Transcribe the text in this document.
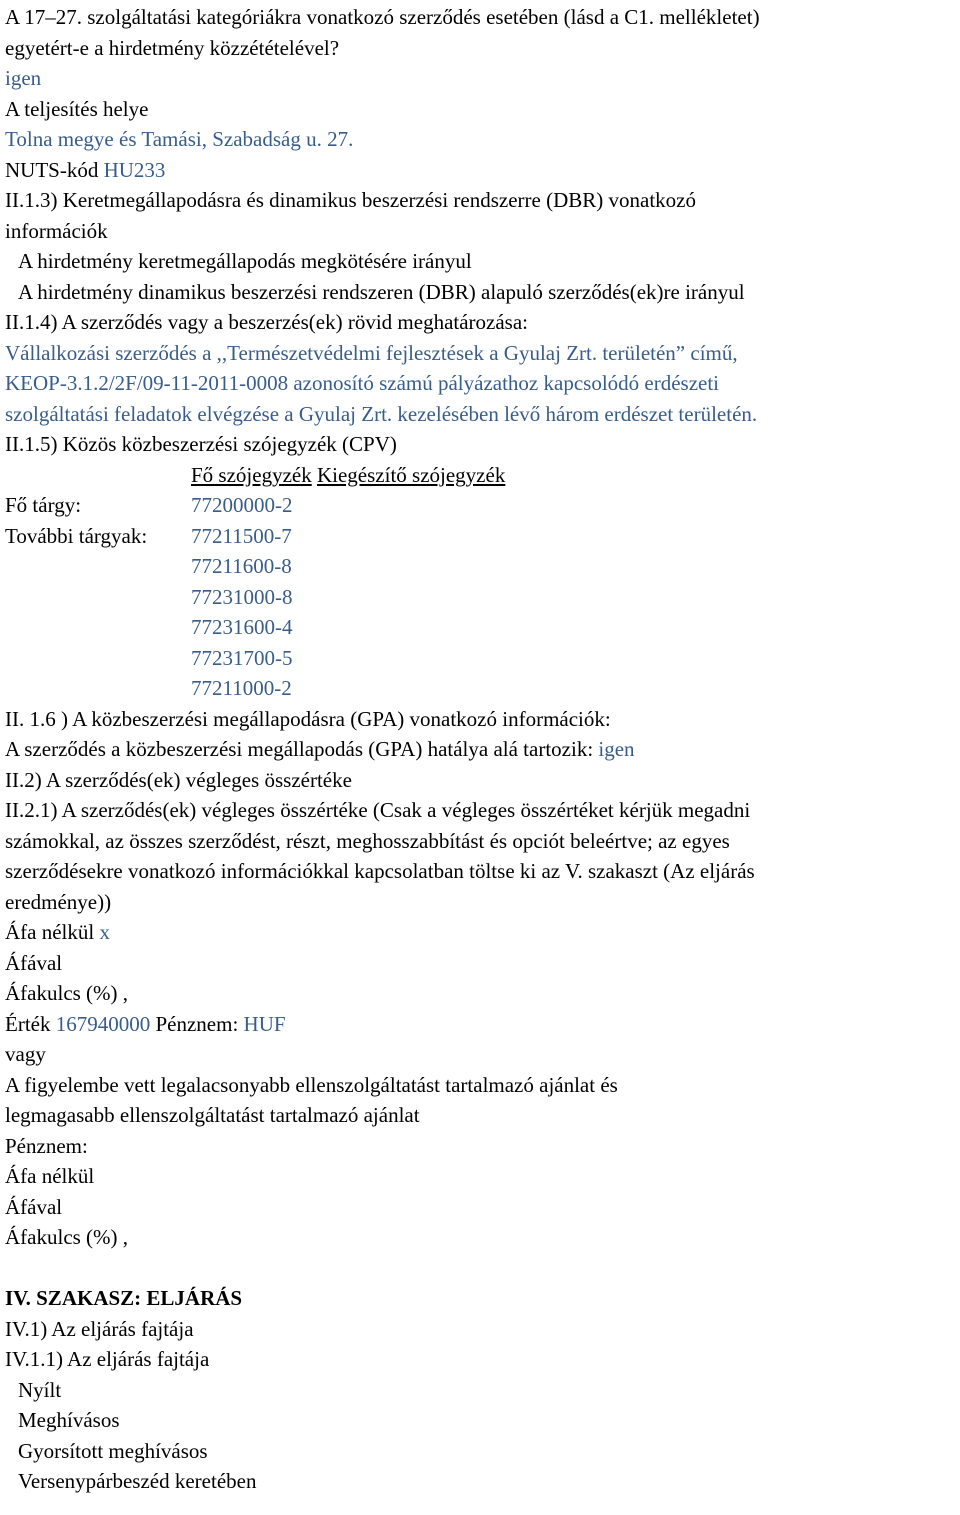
A 17–27. szolgáltatási kategóriákra vonatkozó szerződés esetében (lásd a C1. mellékletet)
egyetért-e a hirdetmény közzétételével?
igen
A teljesítés helye
Tolna megye és Tamási, Szabadság u. 27.
NUTS-kód HU233
II.1.3) Keretmegállapodásra és dinamikus beszerzési rendszerre (DBR) vonatkozó
információk
A hirdetmény keretmegállapodás megkötésére irányul
A hirdetmény dinamikus beszerzési rendszeren (DBR) alapuló szerződés(ek)re irányul
II.1.4) A szerződés vagy a beszerzés(ek) rövid meghatározása:
Vállalkozási szerződés a ,,Természetvédelmi fejlesztések a Gyulaj Zrt. területén” című,
KEOP-3.1.2/2F/09-11-2011-0008 azonosító számú pályázathoz kapcsolódó erdészeti
szolgáltatási feladatok elvégzése a Gyulaj Zrt. kezelésében lévő három erdészet területén.
II.1.5) Közös közbeszerzési szójegyzék (CPV)
Fő szójegyzék Kiegészítő szójegyzék
Fő tárgy:	77200000-2
További tárgyak:	77211500-7
77211600-8
77231000-8
77231600-4
77231700-5
77211000-2
II. 1.6 ) A közbeszerzési megállapodásra (GPA) vonatkozó információk:
A szerződés a közbeszerzési megállapodás (GPA) hatálya alá tartozik: igen
II.2) A szerződés(ek) végleges összértéke
II.2.1) A szerződés(ek) végleges összértéke (Csak a végleges összértéket kérjük megadni
számokkal, az összes szerződést, részt, meghosszabbítást és opciót beleértve; az egyes
szerződésekre vonatkozó információkkal kapcsolatban töltse ki az V. szakaszt (Az eljárás
eredménye))
Áfa nélkül x
Áfával
Áfakulcs (%) ,
Érték 167940000 Pénznem: HUF
vagy
A figyelembe vett legalacsonyabb ellenszolgáltatást tartalmazó ajánlat és
legmagasabb ellenszolgáltatást tartalmazó ajánlat
Pénznem:
Áfa nélkül
Áfával
Áfakulcs (%) ,
IV. SZAKASZ: ELJÁRÁS
IV.1) Az eljárás fajtája
IV.1.1) Az eljárás fajtája
Nyílt
Meghívásos
Gyorsított meghívásos
Versenypárbeszéd keretében
